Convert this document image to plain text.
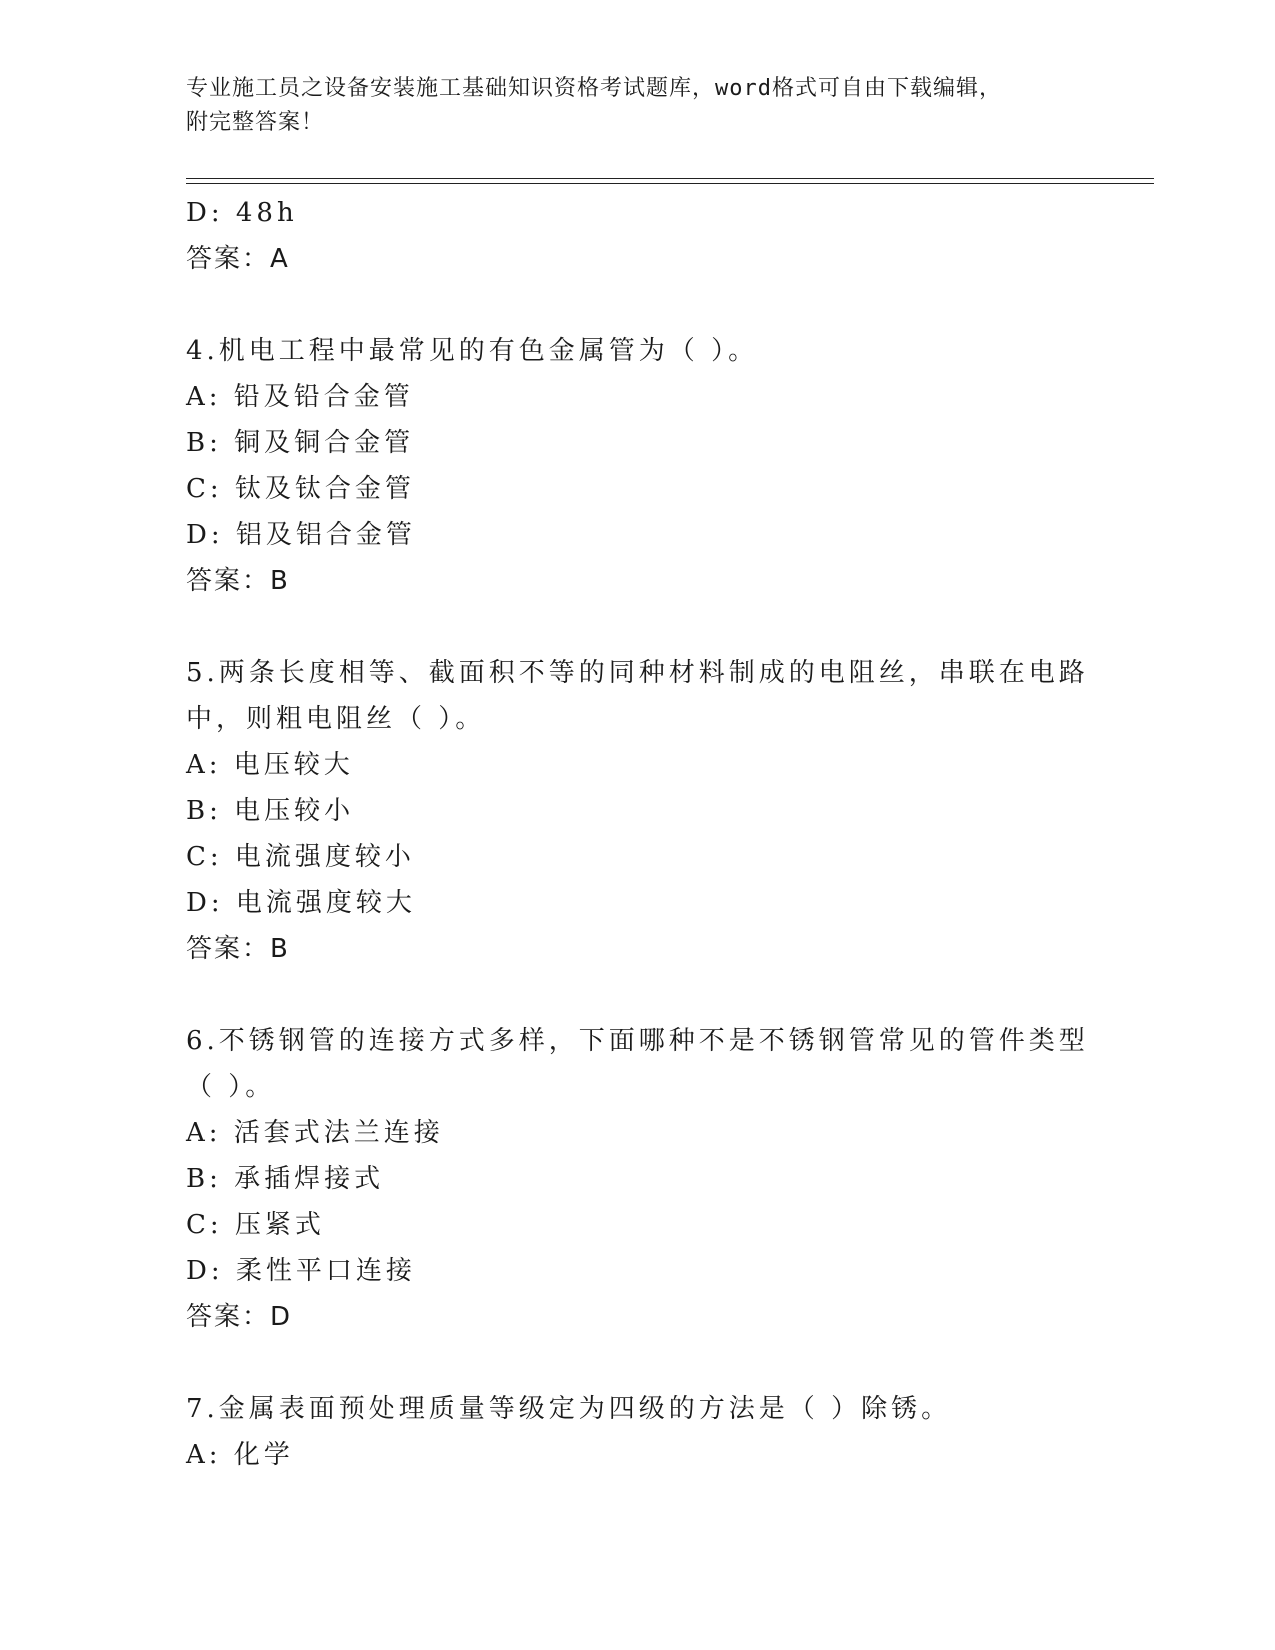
专业施工员之设备安装施工基础知识资格考试题库，word格式可自由下载编辑，
附完整答案！
D: 48h
答案：A
4.机电工程中最常见的有色金属管为（ ）。
A: 铅及铅合金管
B: 铜及铜合金管
C: 钛及钛合金管
D: 铝及铝合金管
答案：B
5.两条长度相等、截面积不等的同种材料制成的电阻丝，串联在电路
中，则粗电阻丝（ ）。
A: 电压较大
B: 电压较小
C: 电流强度较小
D: 电流强度较大
答案：B
6.不锈钢管的连接方式多样，下面哪种不是不锈钢管常见的管件类型
（ ）。
A: 活套式法兰连接
B: 承插焊接式
C: 压紧式
D: 柔性平口连接
答案：D
7.金属表面预处理质量等级定为四级的方法是（ ）除锈。
A: 化学
